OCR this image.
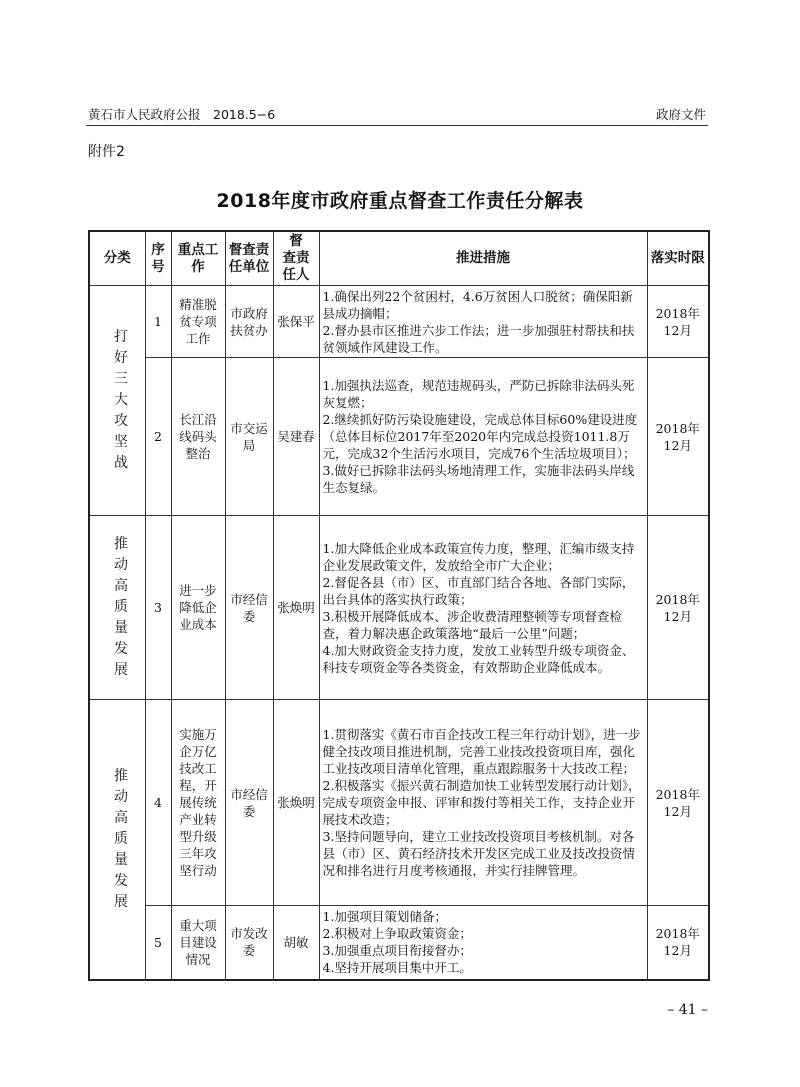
黄石市人民政府公报　2018.5−6	政府文件
附件2
2018年度市政府重点督查工作责任分解表
分类	序号	重点工作	督查责任单位	督　查责任人	推进措施	落实时限
打好三大攻坚战	1	精准脱贫专项工作	市政府扶贫办	张保平	1.确保出列22个贫困村，4.6万贫困人口脱贫；确保阳新县成功摘帽；
2.督办县市区推进六步工作法；进一步加强驻村帮扶和扶贫领域作风建设工作。	2018年12月
	2	长江沿线码头整治	市交运局	吴建春	1.加强执法巡查，规范违规码头，严防已拆除非法码头死灰复燃；
2.继续抓好防污染设施建设，完成总体目标60%建设进度（总体目标位2017年至2020年内完成总投资1011.8万元，完成32个生活污水项目，完成76个生活垃圾项目）；
3.做好已拆除非法码头场地清理工作，实施非法码头岸线生态复绿。	2018年12月
推动高质量发展	3	进一步降低企业成本	市经信委	张焕明	1.加大降低企业成本政策宣传力度，整理、汇编市级支持企业发展政策文件，发放给全市广大企业；
2.督促各县（市）区、市直部门结合各地、各部门实际，出台具体的落实执行政策；
3.积极开展降低成本、涉企收费清理整顿等专项督查检查，着力解决惠企政策落地“最后一公里”问题；
4.加大财政资金支持力度，发放工业转型升级专项资金、科技专项资金等各类资金，有效帮助企业降低成本。	2018年12月
推动高质量发展	4	实施万企万亿技改工程，开展传统产业转型升级三年攻坚行动	市经信委	张焕明	1.贯彻落实《黄石市百企技改工程三年行动计划》，进一步健全技改项目推进机制，完善工业技改投资项目库，强化工业技改项目清单化管理，重点跟踪服务十大技改工程；
2.积极落实《振兴黄石制造加快工业转型发展行动计划》，完成专项资金申报、评审和拨付等相关工作，支持企业开展技术改造；
3.坚持问题导向，建立工业技改投资项目考核机制。对各县（市）区、黄石经济技术开发区完成工业及技改投资情况和排名进行月度考核通报，并实行挂牌管理。	2018年12月
	5	重大项目建设情况	市发改委	胡敏	1.加强项目策划储备；
2.积极对上争取政策资金；
3.加强重点项目衔接督办；
4.坚持开展项目集中开工。	2018年12月
– 41 –
